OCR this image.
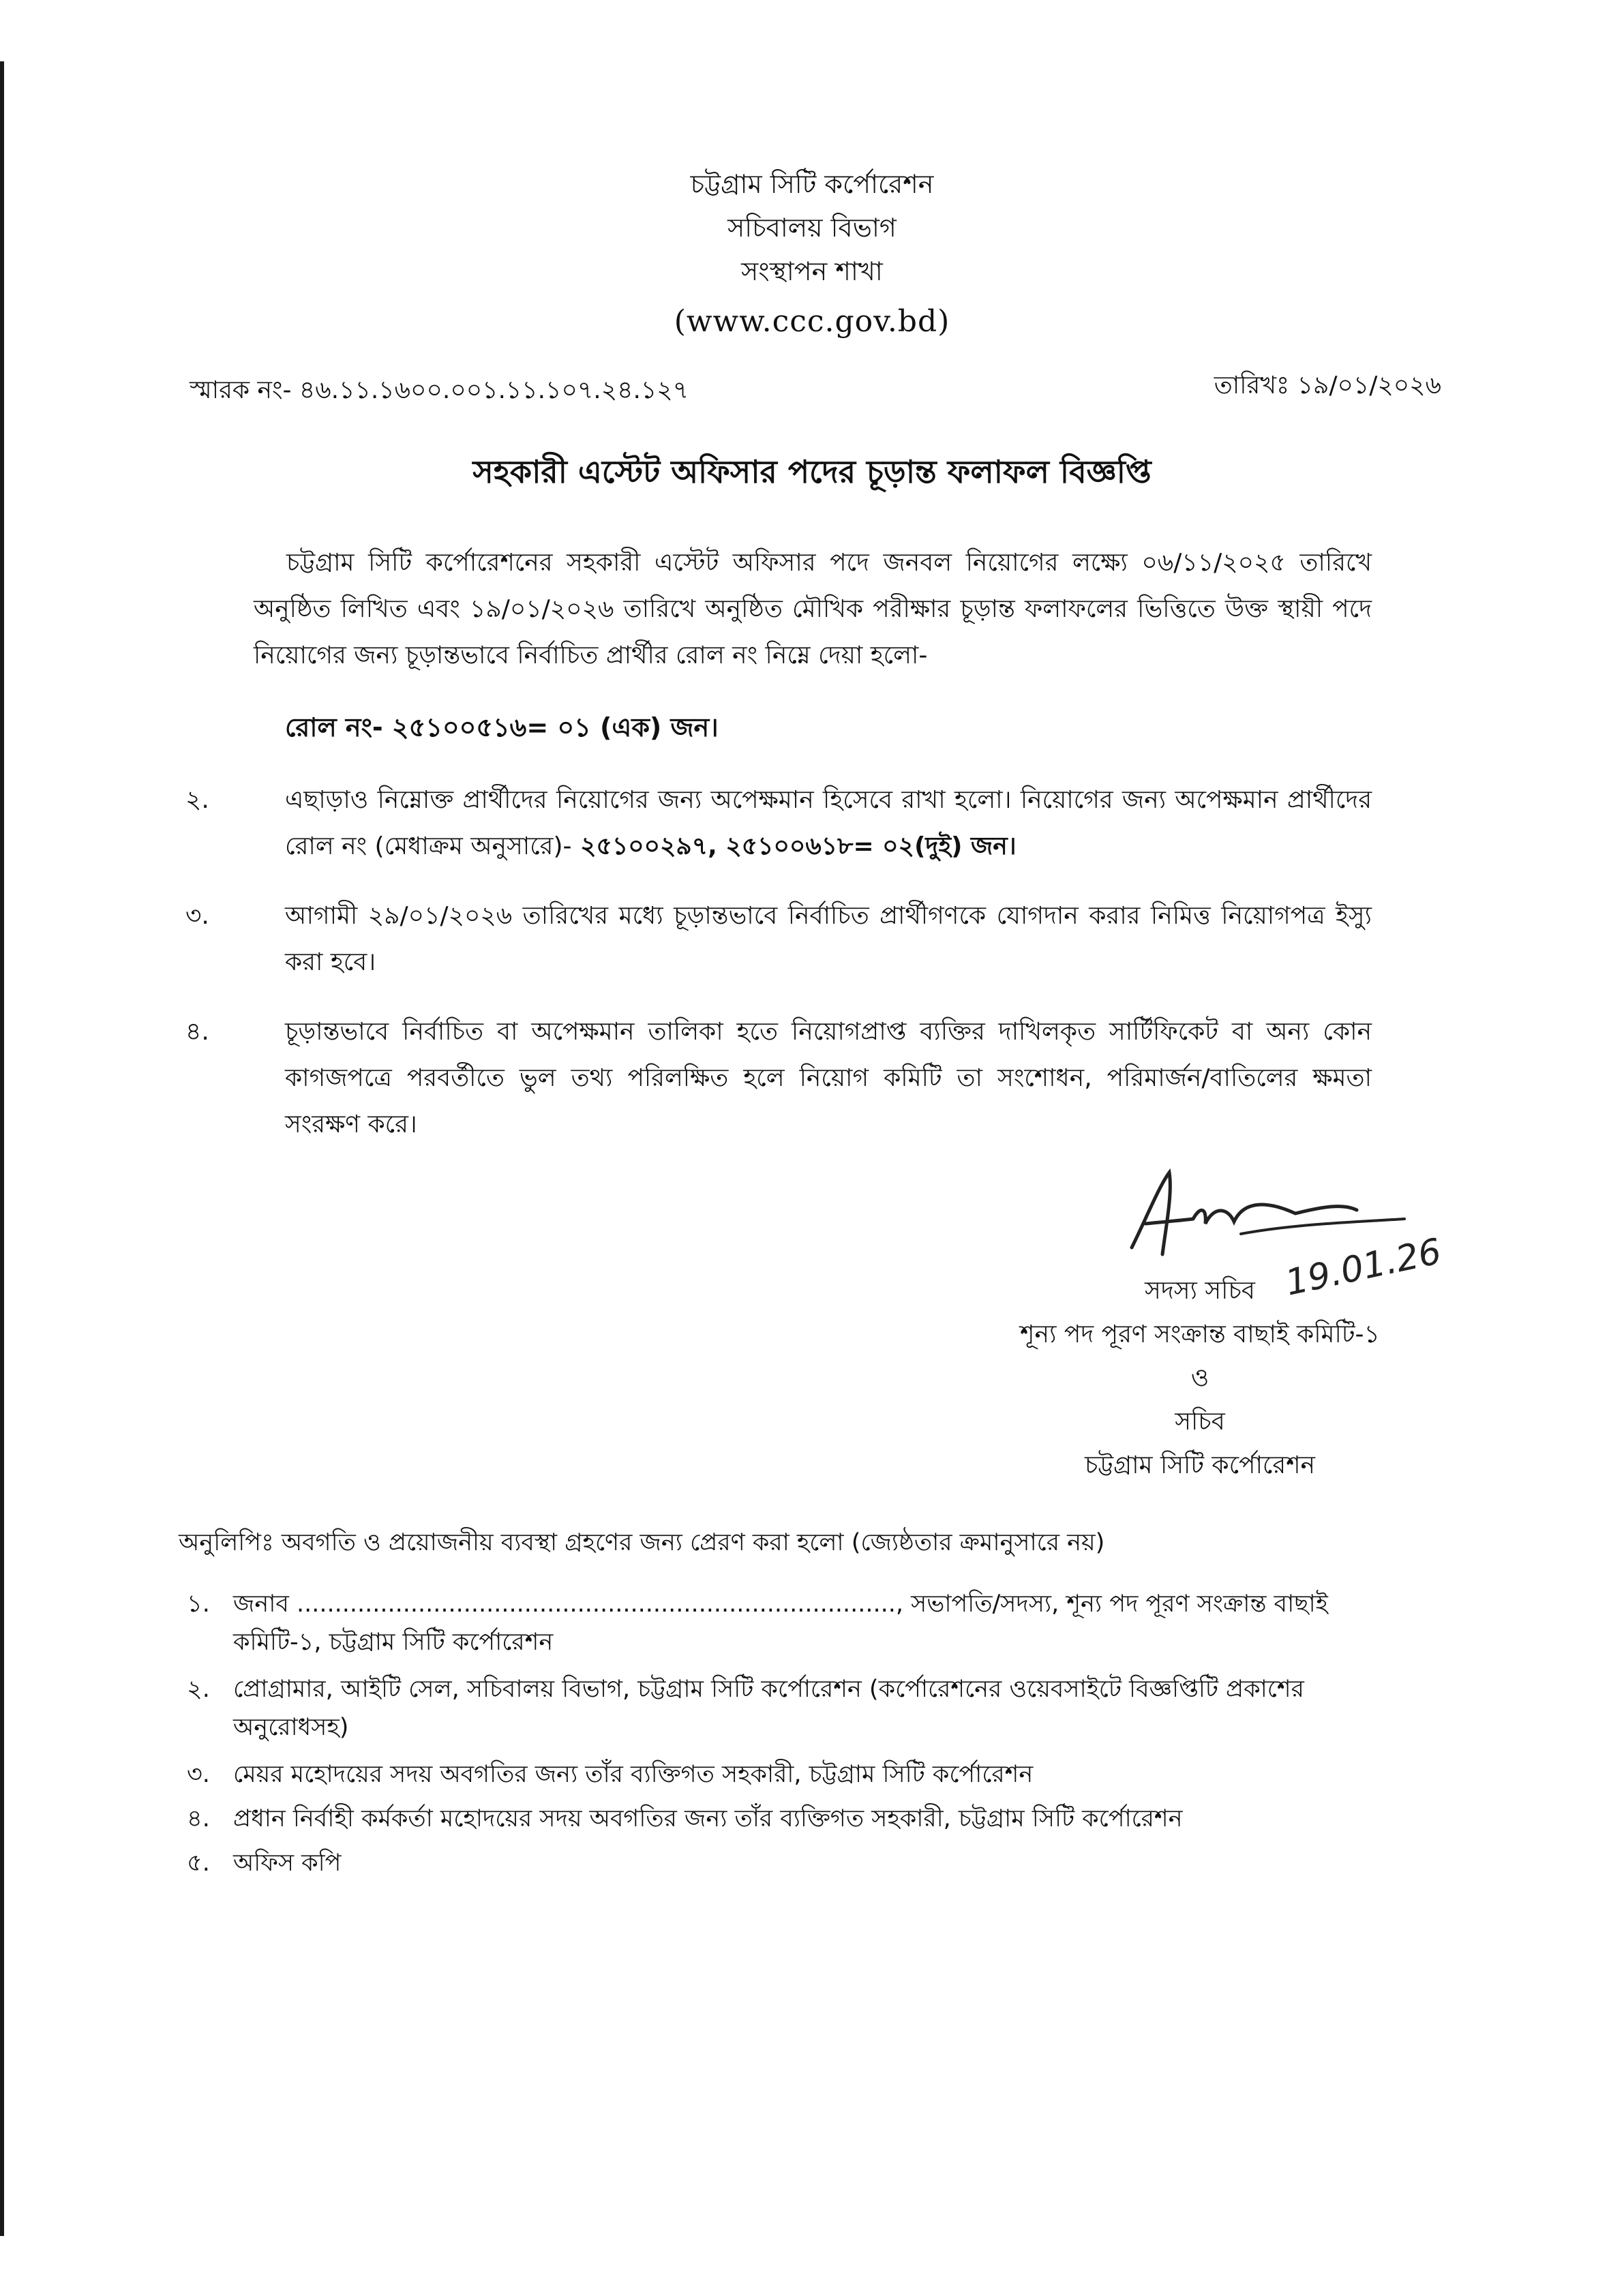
চট্টগ্রাম সিটি কর্পোরেশন
সচিবালয় বিভাগ
সংস্থাপন শাখা
(www.ccc.gov.bd)
স্মারক নং- ৪৬.১১.১৬০০.০০১.১১.১০৭.২৪.১২৭	তারিখঃ ১৯/০১/২০২৬
সহকারী এস্টেট অফিসার পদের চূড়ান্ত ফলাফল বিজ্ঞপ্তি
চট্টগ্রাম সিটি কর্পোরেশনের সহকারী এস্টেট অফিসার পদে জনবল নিয়োগের লক্ষ্যে ০৬/১১/২০২৫ তারিখে অনুষ্ঠিত লিখিত এবং ১৯/০১/২০২৬ তারিখে অনুষ্ঠিত মৌখিক পরীক্ষার চূড়ান্ত ফলাফলের ভিত্তিতে উক্ত স্থায়ী পদে নিয়োগের জন্য চূড়ান্তভাবে নির্বাচিত প্রার্থীর রোল নং নিম্নে দেয়া হলো-
রোল নং- ২৫১০০৫১৬= ০১ (এক) জন।
২.	এছাড়াও নিম্নোক্ত প্রার্থীদের নিয়োগের জন্য অপেক্ষমান হিসেবে রাখা হলো। নিয়োগের জন্য অপেক্ষমান প্রার্থীদের রোল নং (মেধাক্রম অনুসারে)- ২৫১০০২৯৭, ২৫১০০৬১৮= ০২(দুই) জন।
৩.	আগামী ২৯/০১/২০২৬ তারিখের মধ্যে চূড়ান্তভাবে নির্বাচিত প্রার্থীগণকে যোগদান করার নিমিত্ত নিয়োগপত্র ইস্যু করা হবে।
৪.	চূড়ান্তভাবে নির্বাচিত বা অপেক্ষমান তালিকা হতে নিয়োগপ্রাপ্ত ব্যক্তির দাখিলকৃত সার্টিফিকেট বা অন্য কোন কাগজপত্রে পরবর্তীতে ভুল তথ্য পরিলক্ষিত হলে নিয়োগ কমিটি তা সংশোধন, পরিমার্জন/বাতিলের ক্ষমতা সংরক্ষণ করে।
19.01.26
সদস্য সচিব
শূন্য পদ পূরণ সংক্রান্ত বাছাই কমিটি-১
ও
সচিব
চট্টগ্রাম সিটি কর্পোরেশন
অনুলিপিঃ অবগতি ও প্রয়োজনীয় ব্যবস্থা গ্রহণের জন্য প্রেরণ করা হলো (জ্যেষ্ঠতার ক্রমানুসারে নয়)
১. জনাব ..............................................................................., সভাপতি/সদস্য, শূন্য পদ পূরণ সংক্রান্ত বাছাই কমিটি-১, চট্টগ্রাম সিটি কর্পোরেশন
২. প্রোগ্রামার, আইটি সেল, সচিবালয় বিভাগ, চট্টগ্রাম সিটি কর্পোরেশন (কর্পোরেশনের ওয়েবসাইটে বিজ্ঞপ্তিটি প্রকাশের অনুরোধসহ)
৩. মেয়র মহোদয়ের সদয় অবগতির জন্য তাঁর ব্যক্তিগত সহকারী, চট্টগ্রাম সিটি কর্পোরেশন
৪. প্রধান নির্বাহী কর্মকর্তা মহোদয়ের সদয় অবগতির জন্য তাঁর ব্যক্তিগত সহকারী, চট্টগ্রাম সিটি কর্পোরেশন
৫. অফিস কপি
